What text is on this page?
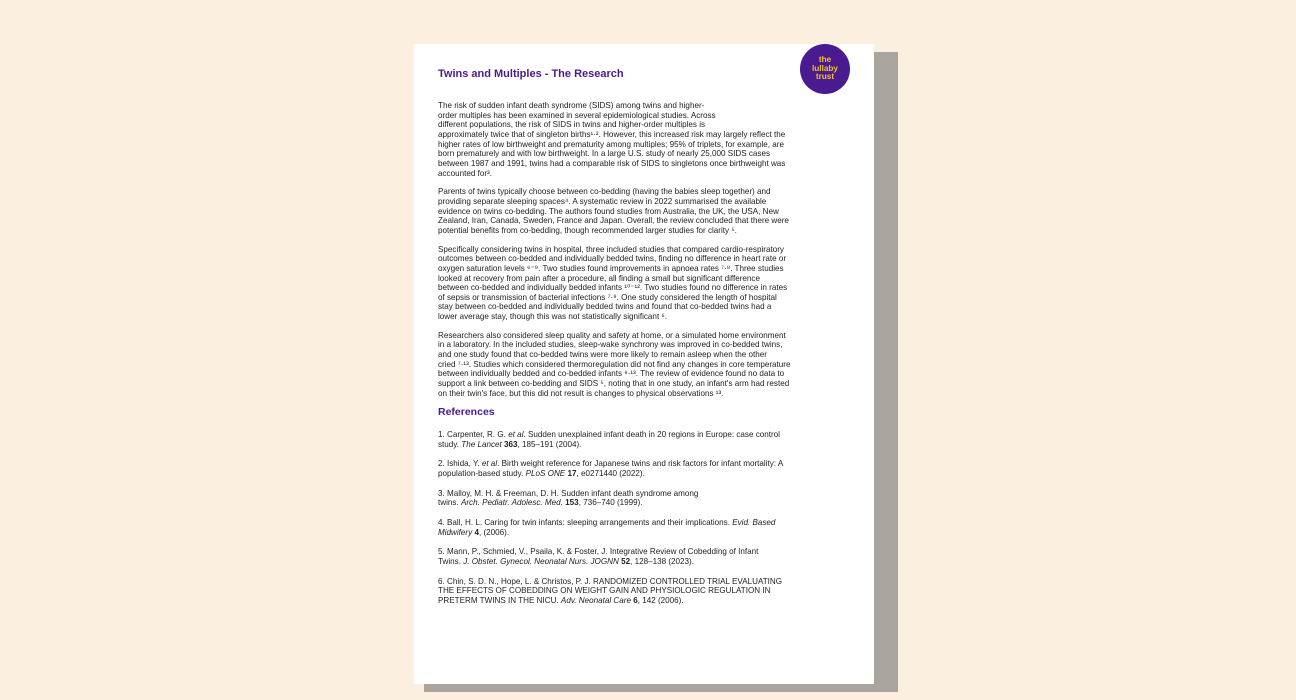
the
lullaby
trust
Twins and Multiples - The Research
The risk of sudden infant death syndrome (SIDS) among twins and higher-
order multiples has been examined in several epidemiological studies. Across
different populations, the risk of SIDS in twins and higher-order multiples is
approximately twice that of singleton births¹·². However, this increased risk may largely reflect the
higher rates of low birthweight and prematurity among multiples; 95% of triplets, for example, are
born prematurely and with low birthweight. In a large U.S. study of nearly 25,000 SIDS cases
between 1987 and 1991, twins had a comparable risk of SIDS to singletons once birthweight was
accounted for³.
Parents of twins typically choose between co-bedding (having the babies sleep together) and
providing separate sleeping spaces⁴. A systematic review in 2022 summarised the available
evidence on twins co-bedding. The authors found studies from Australia, the UK, the USA, New
Zealand, Iran, Canada, Sweden, France and Japan. Overall, the review concluded that there were
potential benefits from co-bedding, though recommended larger studies for clarity ⁵.
Specifically considering twins in hospital, three included studies that compared cardio-respiratory
outcomes between co-bedded and individually bedded twins, finding no difference in heart rate or
oxygen saturation levels ⁶⁻⁹. Two studies found improvements in apnoea rates ⁷·⁸. Three studies
looked at recovery from pain after a procedure, all finding a small but significant difference
between co-bedded and individually bedded infants ¹⁰⁻¹². Two studies found no difference in rates
of sepsis or transmission of bacterial infections ⁷·⁸. One study considered the length of hospital
stay between co-bedded and individually bedded twins and found that co-bedded twins had a
lower average stay, though this was not statistically significant ⁶.
Researchers also considered sleep quality and safety at home, or a simulated home environment
in a laboratory. In the included studies, sleep-wake synchrony was improved in co-bedded twins,
and one study found that co-bedded twins were more likely to remain asleep when the other
cried ⁷·¹³. Studies which considered thermoregulation did not find any changes in core temperature
between individually bedded and co-bedded infants ⁸·¹³. The review of evidence found no data to
support a link between co-bedding and SIDS ⁵, noting that in one study, an infant's arm had rested
on their twin's face, but this did not result is changes to physical observations ¹³.
References
1. Carpenter, R. G. et al. Sudden unexplained infant death in 20 regions in Europe: case control
study. The Lancet 363, 185–191 (2004).
2. Ishida, Y. et al. Birth weight reference for Japanese twins and risk factors for infant mortality: A
population-based study. PLoS ONE 17, e0271440 (2022).
3. Malloy, M. H. & Freeman, D. H. Sudden infant death syndrome among
twins. Arch. Pediatr. Adolesc. Med. 153, 736–740 (1999).
4. Ball, H. L. Caring for twin infants: sleeping arrangements and their implications. Evid. Based
Midwifery 4, (2006).
5. Mann, P., Schmied, V., Psaila, K. & Foster, J. Integrative Review of Cobedding of Infant
Twins. J. Obstet. Gynecol. Neonatal Nurs. JOGNN 52, 128–138 (2023).
6. Chin, S. D. N., Hope, L. & Christos, P. J. RANDOMIZED CONTROLLED TRIAL EVALUATING
THE EFFECTS OF COBEDDING ON WEIGHT GAIN AND PHYSIOLOGIC REGULATION IN
PRETERM TWINS IN THE NICU. Adv. Neonatal Care 6, 142 (2006).
